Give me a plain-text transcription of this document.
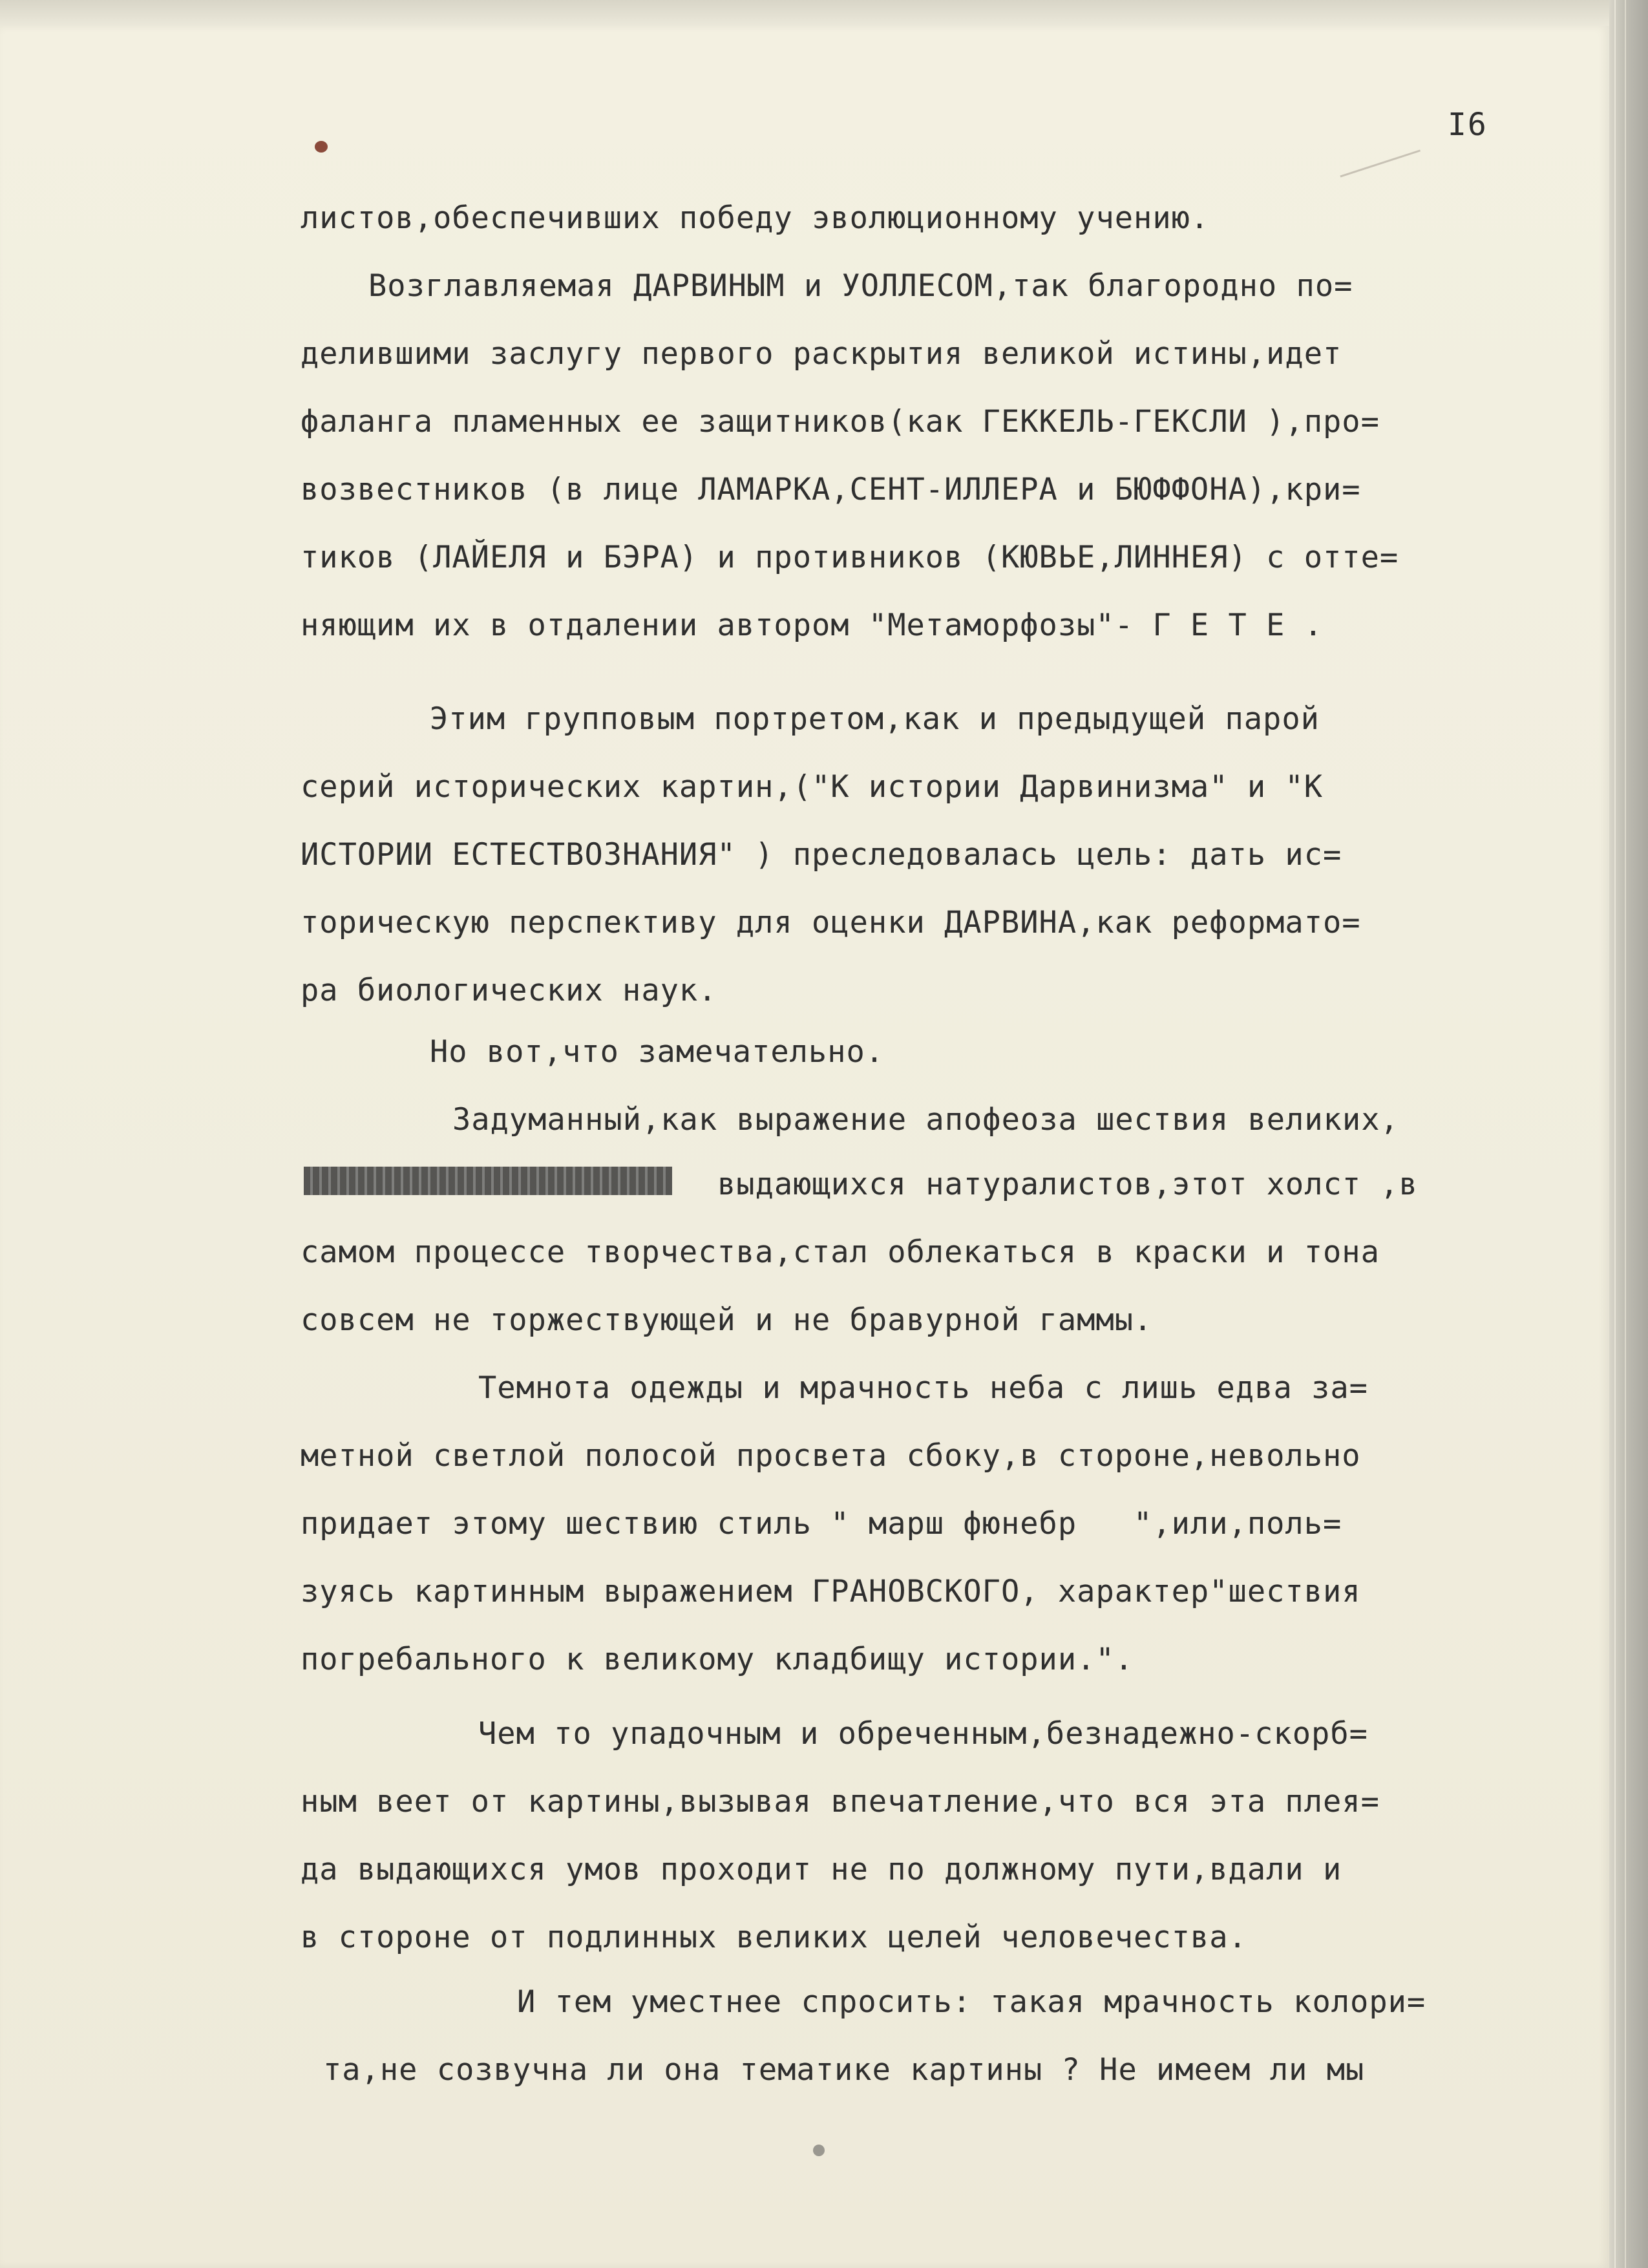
I6
листов,обеспечивших победу эволюционному учению.
Возглавляемая ДАРВИНЫМ и УОЛЛЕСОМ,так благородно по=
делившими заслугу первого раскрытия великой истины,идет
фаланга пламенных ее защитников(как ГЕККЕЛЬ-ГЕКСЛИ ),про=
возвестников (в лице ЛАМАРКА,СЕНТ-ИЛЛЕРА и БЮФФОНА),кри=
тиков (ЛАЙЕЛЯ и БЭРА) и противников (КЮВЬЕ,ЛИННЕЯ) с отте=
няющим их в отдалении автором "Метаморфозы"- Г Е Т Е .
Этим групповым портретом,как и предыдущей парой
серий исторических картин,("К истории Дарвинизма" и "К
ИСТОРИИ ЕСТЕСТВОЗНАНИЯ" ) преследовалась цель: дать ис=
торическую перспективу для оценки ДАРВИНА,как реформато=
ра биологических наук.
Но вот,что замечательно.
Задуманный,как выражение апофеоза шествия великих,
выдающихся натуралистов,этот холст ,в
самом процессе творчества,стал облекаться в краски и тона
совсем не торжествующей и не бравурной гаммы.
Темнота одежды и мрачность неба с лишь едва за=
метной светлой полосой просвета сбоку,в стороне,невольно
придает этому шествию стиль " марш фюнебр   ",или,поль=
зуясь картинным выражением ГРАНОВСКОГО, характер"шествия
погребального к великому кладбищу истории.".
Чем то упадочным и обреченным,безнадежно-скорб=
ным веет от картины,вызывая впечатление,что вся эта плея=
да выдающихся умов проходит не по должному пути,вдали и
в стороне от подлинных великих целей человечества.
И тем уместнее спросить: такая мрачность колори=
та,не созвучна ли она тематике картины ? Не имеем ли мы
